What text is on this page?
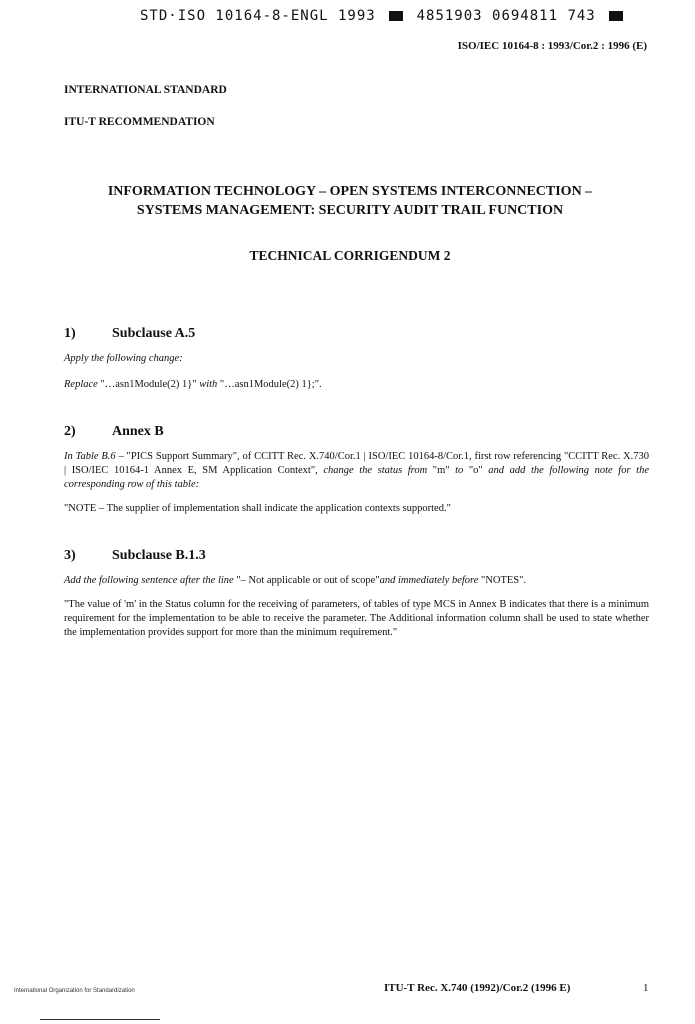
STD·ISO 10164-8-ENGL 1993	4851903 0694811 743
ISO/IEC 10164-8 : 1993/Cor.2 : 1996 (E)
INTERNATIONAL STANDARD
ITU-T RECOMMENDATION
INFORMATION TECHNOLOGY – OPEN SYSTEMS INTERCONNECTION –
SYSTEMS MANAGEMENT: SECURITY AUDIT TRAIL FUNCTION
TECHNICAL CORRIGENDUM 2
1)	Subclause A.5
Apply the following change:
Replace "…asn1Module(2) 1}" with "…asn1Module(2) 1};".
2)	Annex B
In Table B.6 – "PICS Support Summary", of CCITT Rec. X.740/Cor.1 | ISO/IEC 10164-8/Cor.1, first row referencing "CCITT Rec. X.730 | ISO/IEC 10164-1 Annex E, SM Application Context", change the status from "m" to "o" and add the following note for the corresponding row of this table:
"NOTE – The supplier of implementation shall indicate the application contexts supported."
3)	Subclause B.1.3
Add the following sentence after the line "– Not applicable or out of scope"and immediately before "NOTES".
"The value of 'm' in the Status column for the receiving of parameters, of tables of type MCS in Annex B indicates that there is a minimum requirement for the implementation to be able to receive the parameter. The Additional information column shall be used to state whether the implementation provides support for more than the minimum requirement."
International Organization for Standardization	ITU-T Rec. X.740 (1992)/Cor.2 (1996 E)	1
